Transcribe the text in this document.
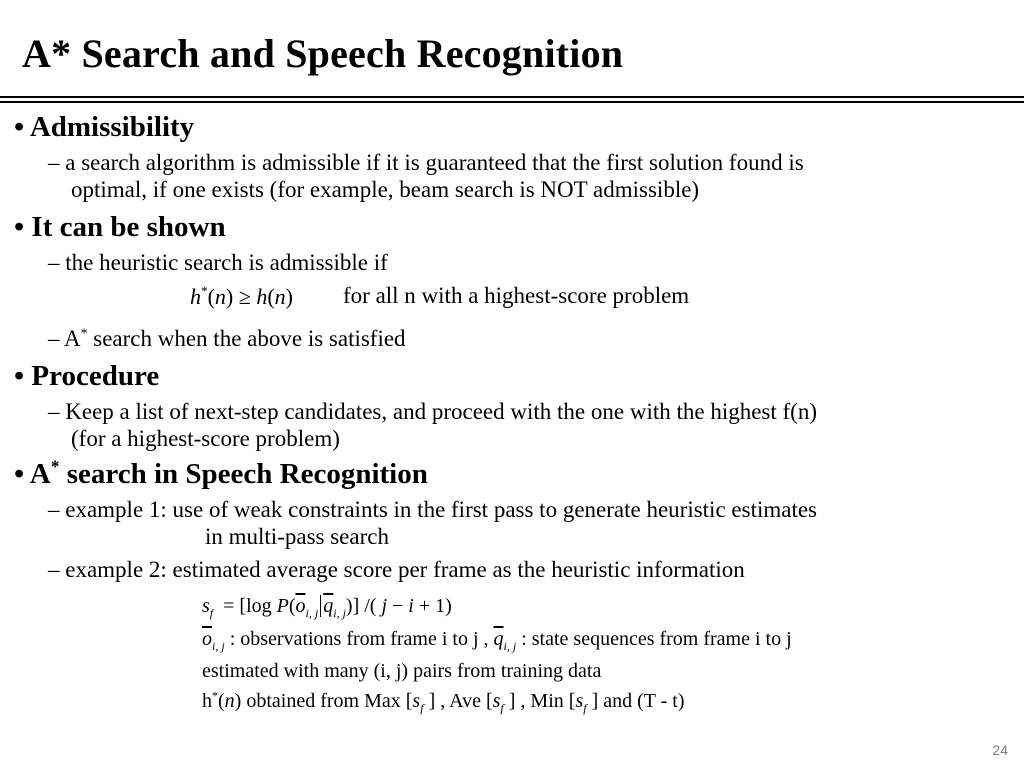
A* Search and Speech Recognition
• Admissibility
– a search algorithm is admissible if it is guaranteed that the first solution found is
optimal, if one exists (for example, beam search is NOT admissible)
• It can be shown
– the heuristic search is admissible if
h*(n) ≥ h(n) for all n with a highest-score problem
– A* search when the above is satisfied
• Procedure
– Keep a list of next-step candidates, and proceed with the one with the highest f(n)
(for a highest-score problem)
• A* search in Speech Recognition
– example 1: use of weak constraints in the first pass to generate heuristic estimates
in multi-pass search
– example 2: estimated average score per frame as the heuristic information
$s_f = [\log$ $P(\overline{o}_{i, j}$ $\overline{q}_{i, j}$)] /( j − i + 1)
$\overline{o}_{i, j}$ : observations from frame i to j , $\overline{q}_{i, j}$ : state sequences from frame i to j
estimated with many (i, j) pairs from training data
h*(n) obtained from Max [$s_f$ ] , Ave [$s_f$ ] , Min [$s_f$ ] and (T - t)
24
